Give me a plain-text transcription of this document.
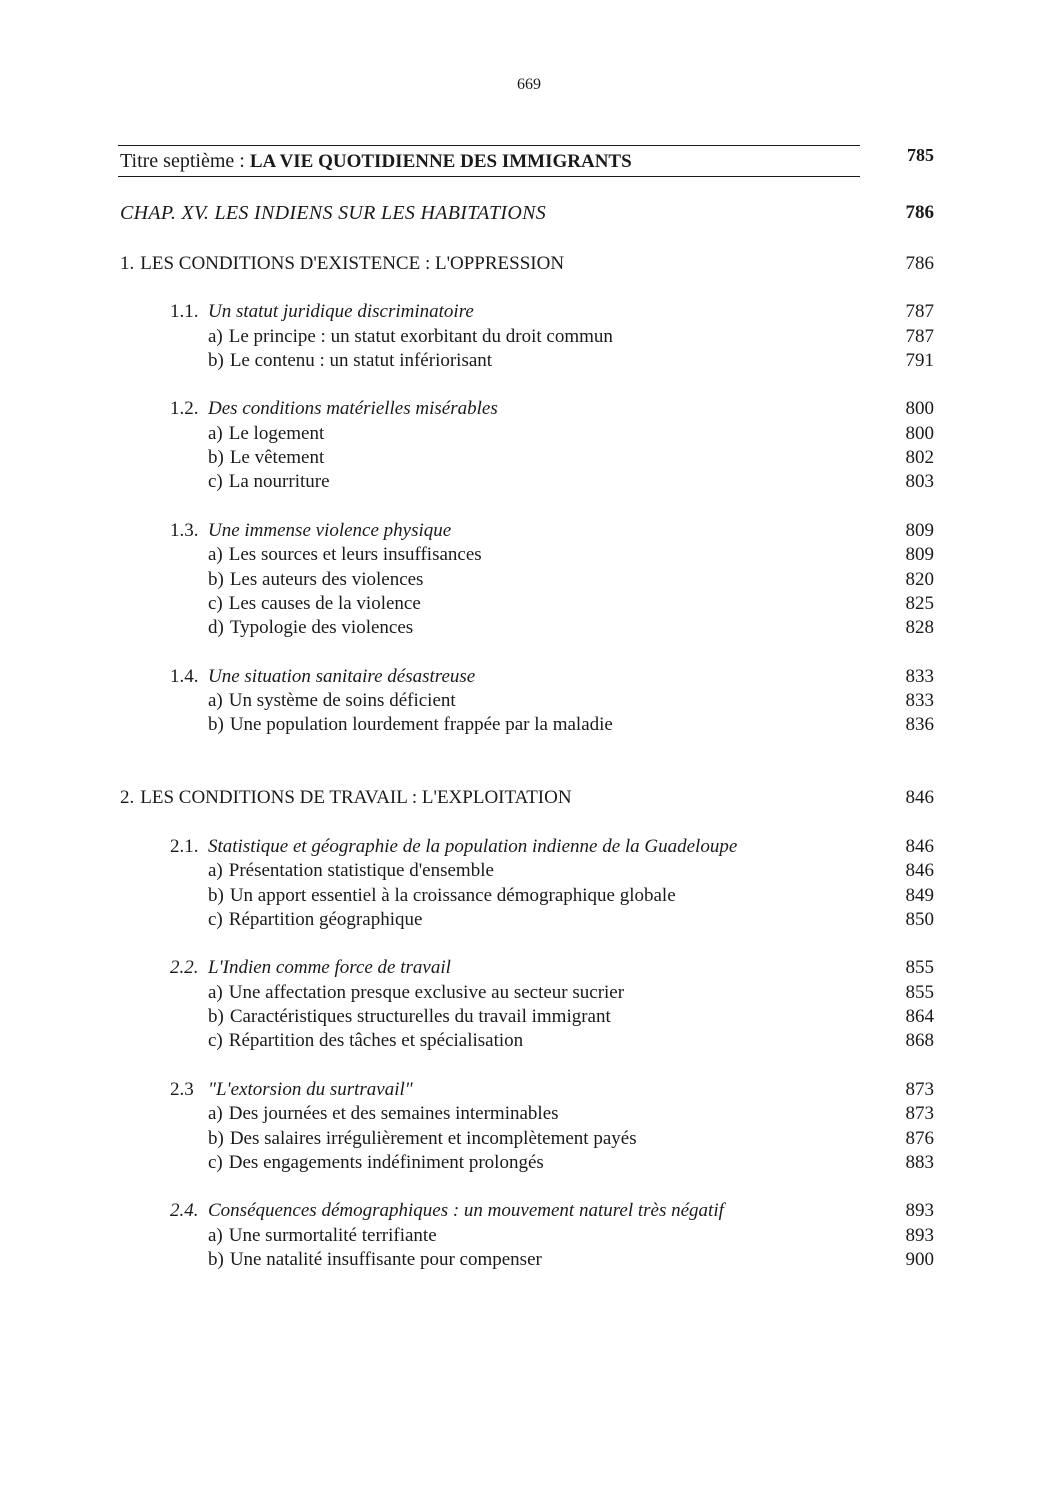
669
Titre septième : LA VIE QUOTIDIENNE DES IMMIGRANTS	785
CHAP. XV. LES INDIENS SUR LES HABITATIONS	786
1. LES CONDITIONS D'EXISTENCE : L'OPPRESSION	786
1.1. Un statut juridique discriminatoire	787
a) Le principe : un statut exorbitant du droit commun	787
b) Le contenu : un statut infériorisant	791
1.2. Des conditions matérielles misérables	800
a) Le logement	800
b) Le vêtement	802
c) La nourriture	803
1.3. Une immense violence physique	809
a) Les sources et leurs insuffisances	809
b) Les auteurs des violences	820
c) Les causes de la violence	825
d) Typologie des violences	828
1.4. Une situation sanitaire désastreuse	833
a) Un système de soins déficient	833
b) Une population lourdement frappée par la maladie	836
2. LES CONDITIONS DE TRAVAIL : L'EXPLOITATION	846
2.1. Statistique et géographie de la population indienne de la Guadeloupe	846
a) Présentation statistique d'ensemble	846
b) Un apport essentiel à la croissance démographique globale	849
c) Répartition géographique	850
2.2. L'Indien comme force de travail	855
a) Une affectation presque exclusive au secteur sucrier	855
b) Caractéristiques structurelles du travail immigrant	864
c) Répartition des tâches et spécialisation	868
2.3 "L'extorsion du surtravail"	873
a) Des journées et des semaines interminables	873
b) Des salaires irrégulièrement et incomplètement payés	876
c) Des engagements indéfiniment prolongés	883
2.4. Conséquences démographiques : un mouvement naturel très négatif	893
a) Une surmortalité terrifiante	893
b) Une natalité insuffisante pour compenser	900
